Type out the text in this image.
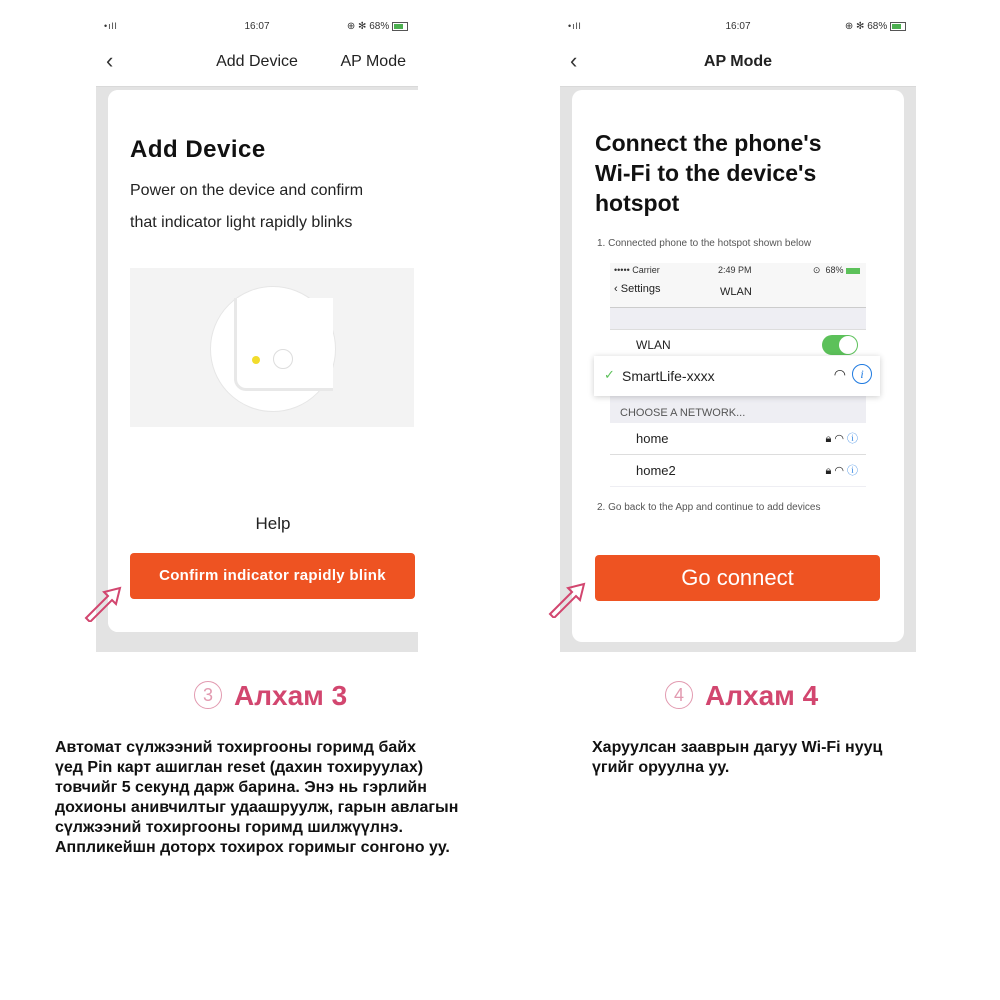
•ıll	16:07	⊕ ✻ 68%
‹	Add Device	AP Mode
Add Device
Power on the device and confirm
that indicator light rapidly blinks
Help
Confirm indicator rapidly blink
•ıll	16:07	⊕ ✻ 68%
‹	AP Mode
Connect the phone's
Wi-Fi to the device's
hotspot
1. Connected phone to the hotspot shown below
••••• Carrier	2:49 PM	⊙  68%
‹ Settings	WLAN
WLAN
CHOOSE A NETWORK...
home	🔒︎ ◠ ⓘ
home2	🔒︎ ◠ ⓘ
✓ SmartLife-xxxx	◠	i
2. Go back to the App and continue to add devices
Go connect
3 Алхам 3
Автомат сүлжээний тохиргооны горимд байх
үед Pin карт ашиглан reset (дахин тохируулах)
товчийг 5 секунд дарж барина. Энэ нь гэрлийн
дохионы анивчилтыг удаашруулж, гарын авлагын
сүлжээний тохиргооны горимд шилжүүлнэ.
Аппликейшн доторх тохирох горимыг сонгоно уу.
4 Алхам 4
Харуулсан зааврын дагуу Wi-Fi нууц
үгийг оруулна уу.
